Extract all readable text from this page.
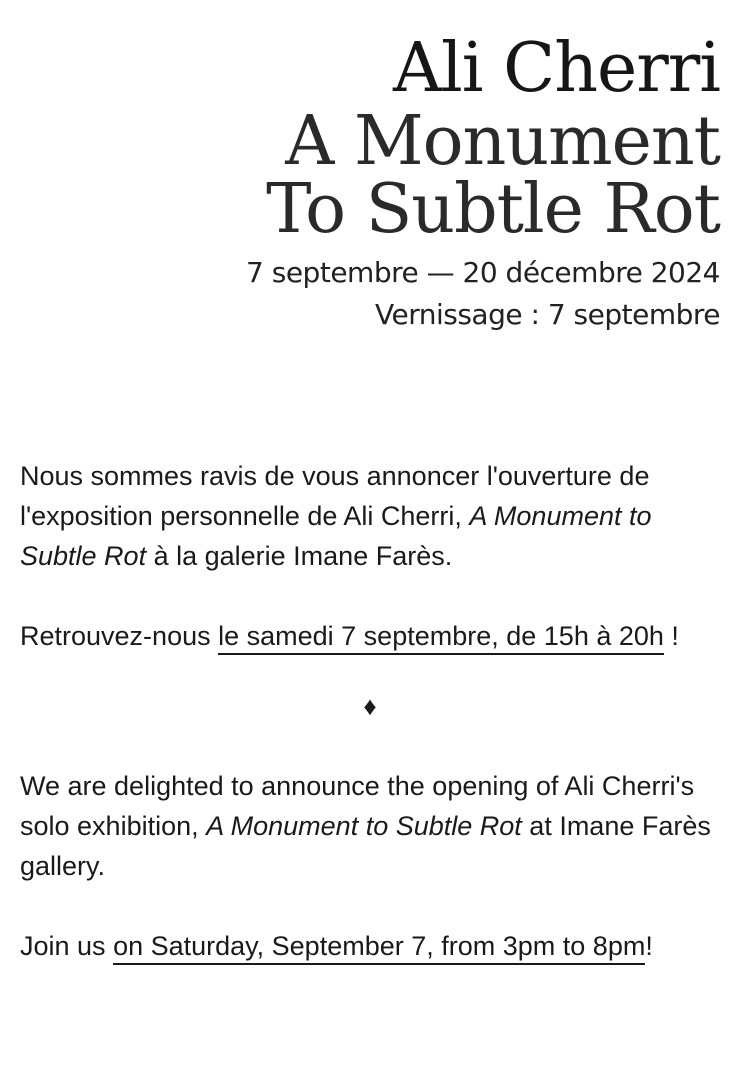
Ali Cherri
A Monument
To Subtle Rot
7 septembre — 20 décembre 2024
Vernissage : 7 septembre

Nous sommes ravis de vous annoncer l'ouverture de l'exposition personnelle de Ali Cherri, A Monument to Subtle Rot à la galerie Imane Farès.

Retrouvez-nous le samedi 7 septembre, de 15h à 20h !

♦

We are delighted to announce the opening of Ali Cherri's solo exhibition, A Monument to Subtle Rot at Imane Farès gallery.

Join us on Saturday, September 7, from 3pm to 8pm!
